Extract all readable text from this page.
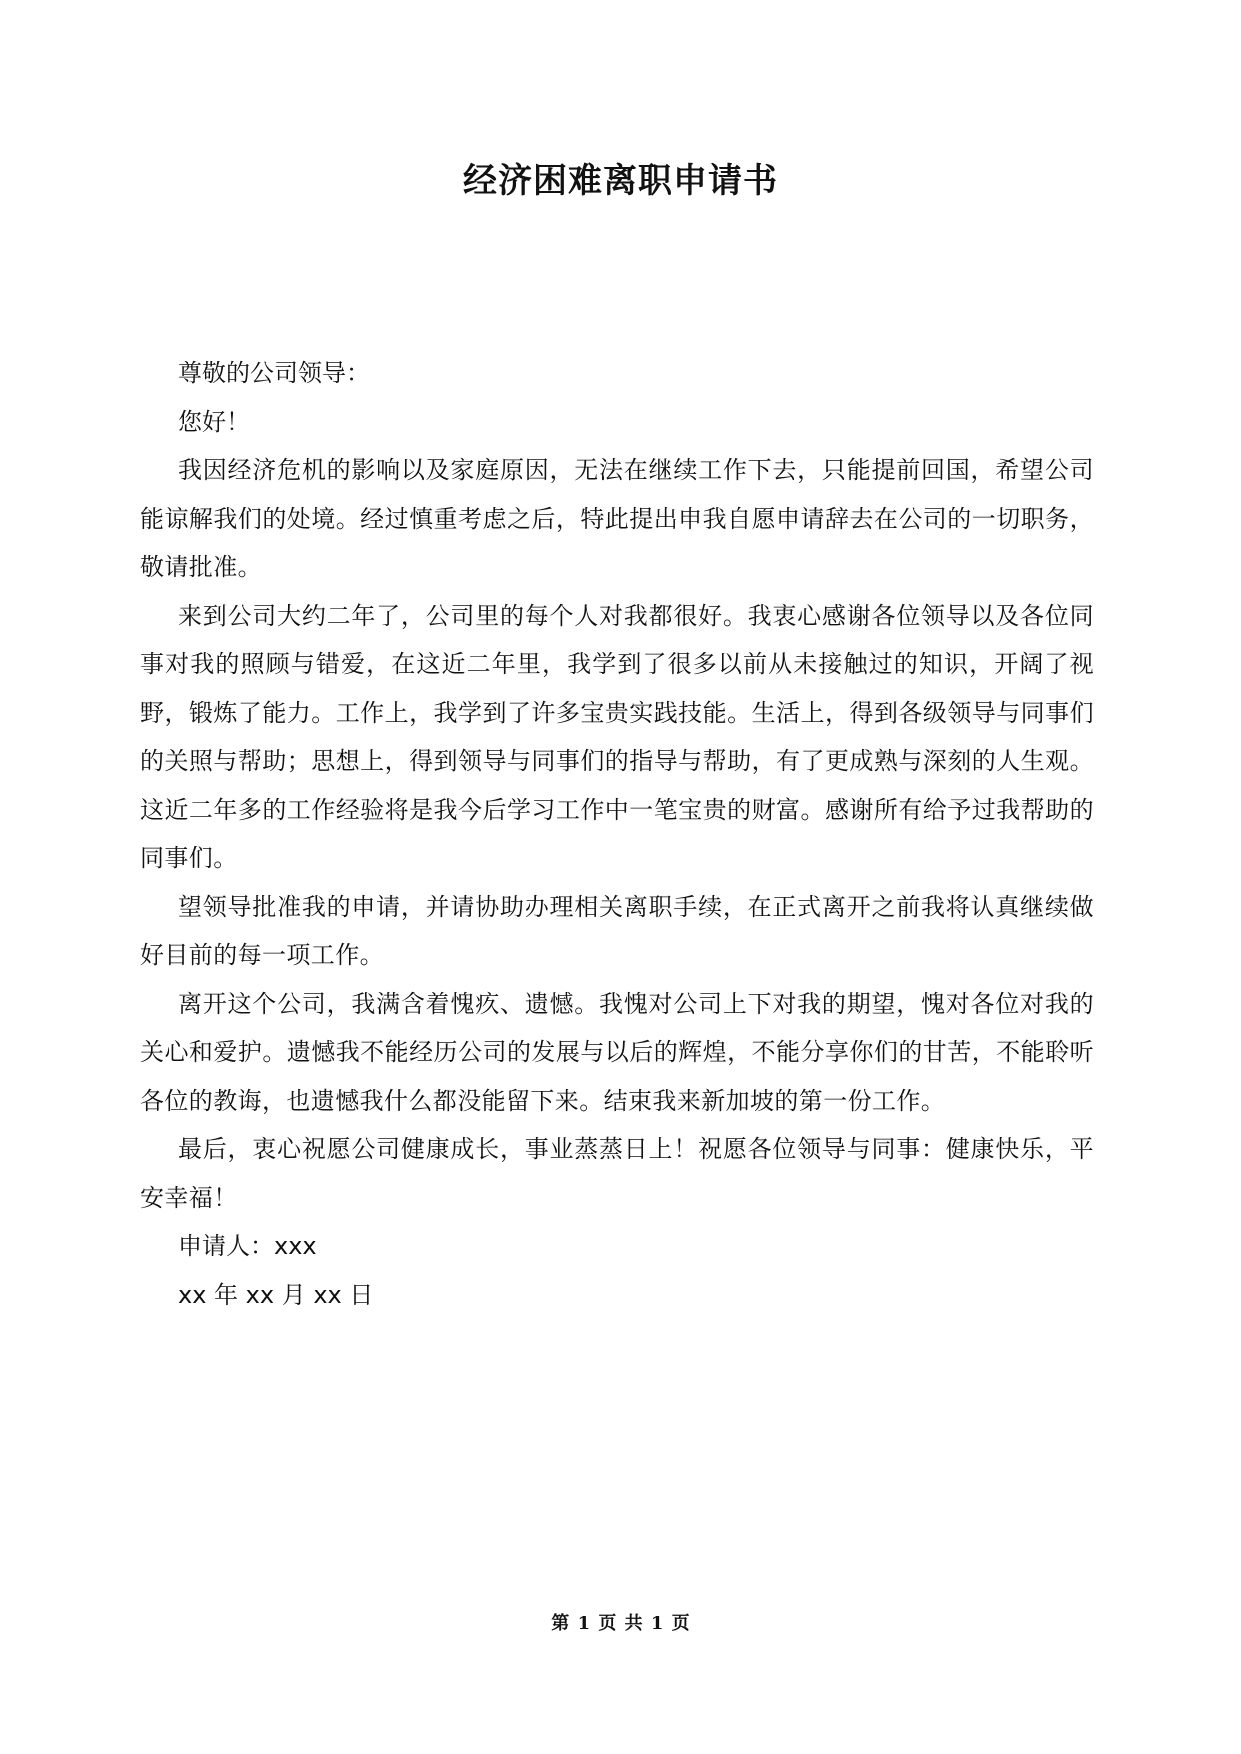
经济困难离职申请书

尊敬的公司领导：

您好！

我因经济危机的影响以及家庭原因，无法在继续工作下去，只能提前回国，希望公司能谅解我们的处境。经过慎重考虑之后，特此提出申我自愿申请辞去在公司的一切职务，敬请批准。

来到公司大约二年了，公司里的每个人对我都很好。我衷心感谢各位领导以及各位同事对我的照顾与错爱，在这近二年里，我学到了很多以前从未接触过的知识，开阔了视野，锻炼了能力。工作上，我学到了许多宝贵实践技能。生活上，得到各级领导与同事们的关照与帮助；思想上，得到领导与同事们的指导与帮助，有了更成熟与深刻的人生观。这近二年多的工作经验将是我今后学习工作中一笔宝贵的财富。感谢所有给予过我帮助的同事们。

望领导批准我的申请，并请协助办理相关离职手续，在正式离开之前我将认真继续做好目前的每一项工作。

离开这个公司，我满含着愧疚、遗憾。我愧对公司上下对我的期望，愧对各位对我的关心和爱护。遗憾我不能经历公司的发展与以后的辉煌，不能分享你们的甘苦，不能聆听各位的教诲，也遗憾我什么都没能留下来。结束我来新加坡的第一份工作。

最后，衷心祝愿公司健康成长，事业蒸蒸日上！祝愿各位领导与同事：健康快乐，平安幸福！

申请人：xxx

xx 年 xx 月 xx 日

第 1 页 共 1 页
